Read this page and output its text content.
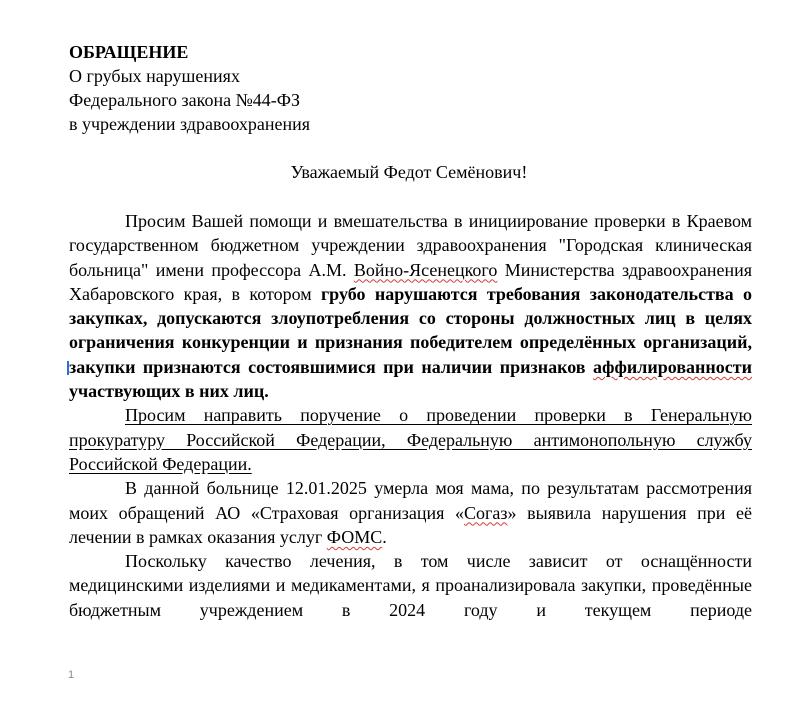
ОБРАЩЕНИЕ
О грубых нарушениях
Федерального закона №44-ФЗ
в учреждении здравоохранения
Уважаемый Федот Семёнович!

Просим Вашей помощи и вмешательства в инициирование проверки в Краевом государственном бюджетном учреждении здравоохранения "Городская клиническая больница" имени профессора А.М. Войно-Ясенецкого Министерства здравоохранения Хабаровского края, в котором грубо нарушаются требования законодательства о закупках, допускаются злоупотребления со стороны должностных лиц в целях ограничения конкуренции и признания победителем определённых организаций, закупки признаются состоявшимися при наличии признаков аффилированности участвующих в них лиц.

Просим направить поручение о проведении проверки в Генеральную прокуратуру Российской Федерации, Федеральную антимонопольную службу Российской Федерации.

В данной больнице 12.01.2025 умерла моя мама, по результатам рассмотрения моих обращений АО «Страховая организация «Согаз» выявила нарушения при её лечении в рамках оказания услуг ФОМС.

Поскольку качество лечения, в том числе зависит от оснащённости медицинскими изделиями и медикаментами, я проанализировала закупки, проведённые бюджетным учреждением в 2024 году и текущем периоде

1
